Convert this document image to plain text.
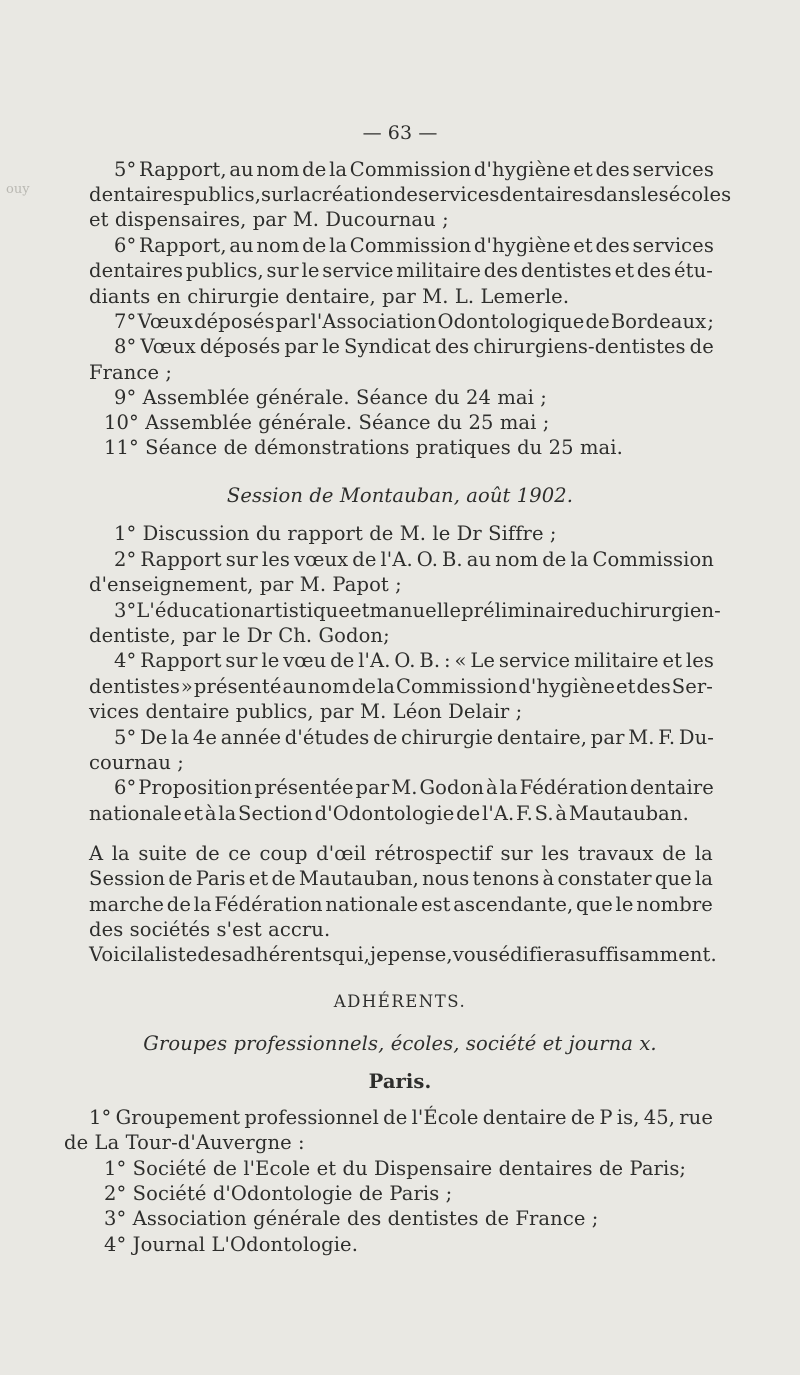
ouy
— 63 —
5° Rapport, au nom de la Commission d'hygiène et des services
dentaires publics, sur la création de services dentaires dans les écoles
et dispensaires, par M. Ducournau ;
6° Rapport, au nom de la Commission d'hygiène et des services
dentaires publics, sur le service militaire des dentistes et des étu-
diants en chirurgie dentaire, par M. L. Lemerle.
7° Vœux déposés par l'Association Odontologique de Bordeaux ;
8° Vœux déposés par le Syndicat des chirurgiens-dentistes de
France ;
9° Assemblée générale. Séance du 24 mai ;
10° Assemblée générale. Séance du 25 mai ;
11° Séance de démonstrations pratiques du 25 mai.
Session de Montauban, août 1902.
1° Discussion du rapport de M. le Dr Siffre ;
2° Rapport sur les vœux de l'A. O. B. au nom de la Commission
d'enseignement, par M. Papot ;
3° L'éducation artistique et manuelle préliminaire du chirurgien-
dentiste, par le Dr Ch. Godon;
4° Rapport sur le vœu de l'A. O. B. : « Le service militaire et les
dentistes » présenté au nom de la Commission d'hygiène et des Ser-
vices dentaire publics, par M. Léon Delair ;
5° De la 4e année d'études de chirurgie dentaire, par M. F. Du-
cournau ;
6° Proposition présentée par M. Godon à la Fédération dentaire
nationale et à la Section d'Odontologie de l'A. F. S. à Mautauban.
A la suite de ce coup d'œil rétrospectif sur les travaux de la
Session de Paris et de Mautauban, nous tenons à constater que la
marche de la Fédération nationale est ascendante, que le nombre
des sociétés s'est accru.
Voici la liste des adhérents qui, je pense, vous édifiera suffisamment.
ADHÉRENTS.
Groupes professionnels, écoles, société et journa x.
Paris.
1° Groupement professionnel de l'École dentaire de P is, 45, rue
de La Tour-d'Auvergne :
1° Société de l'Ecole et du Dispensaire dentaires de Paris;
2° Société d'Odontologie de Paris ;
3° Association générale des dentistes de France ;
4° Journal L'Odontologie.
